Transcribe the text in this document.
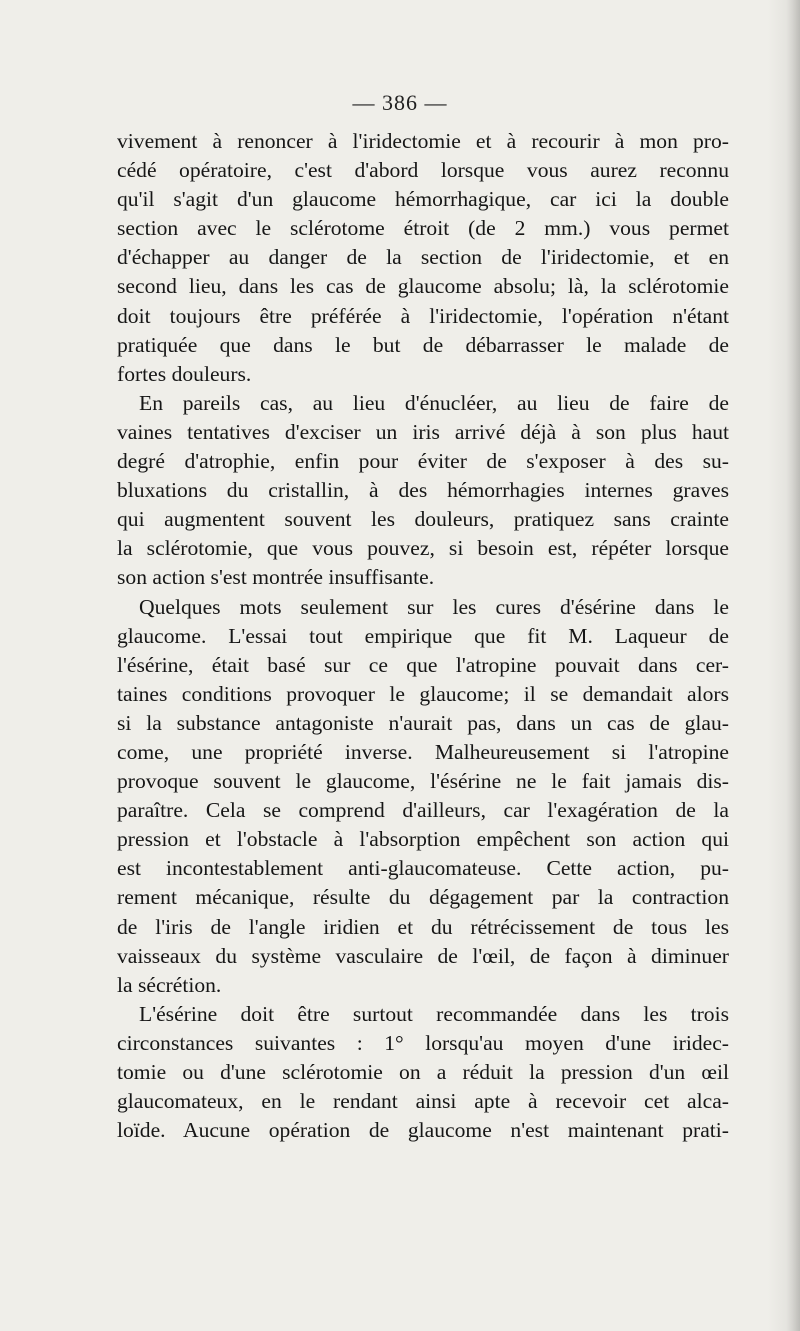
— 386 —
vivement à renoncer à l'iridectomie et à recourir à mon pro-
cédé opératoire, c'est d'abord lorsque vous aurez reconnu
qu'il s'agit d'un glaucome hémorrhagique, car ici la double
section avec le sclérotome étroit (de 2 mm.) vous permet
d'échapper au danger de la section de l'iridectomie, et en
second lieu, dans les cas de glaucome absolu; là, la sclérotomie
doit toujours être préférée à l'iridectomie, l'opération n'étant
pratiquée que dans le but de débarrasser le malade de
fortes douleurs.
En pareils cas, au lieu d'énucléer, au lieu de faire de
vaines tentatives d'exciser un iris arrivé déjà à son plus haut
degré d'atrophie, enfin pour éviter de s'exposer à des su-
bluxations du cristallin, à des hémorrhagies internes graves
qui augmentent souvent les douleurs, pratiquez sans crainte
la sclérotomie, que vous pouvez, si besoin est, répéter lorsque
son action s'est montrée insuffisante.
Quelques mots seulement sur les cures d'ésérine dans le
glaucome. L'essai tout empirique que fit M. Laqueur de
l'ésérine, était basé sur ce que l'atropine pouvait dans cer-
taines conditions provoquer le glaucome; il se demandait alors
si la substance antagoniste n'aurait pas, dans un cas de glau-
come, une propriété inverse. Malheureusement si l'atropine
provoque souvent le glaucome, l'ésérine ne le fait jamais dis-
paraître. Cela se comprend d'ailleurs, car l'exagération de la
pression et l'obstacle à l'absorption empêchent son action qui
est incontestablement anti-glaucomateuse. Cette action, pu-
rement mécanique, résulte du dégagement par la contraction
de l'iris de l'angle iridien et du rétrécissement de tous les
vaisseaux du système vasculaire de l'œil, de façon à diminuer
la sécrétion.
L'ésérine doit être surtout recommandée dans les trois
circonstances suivantes : 1° lorsqu'au moyen d'une iridec-
tomie ou d'une sclérotomie on a réduit la pression d'un œil
glaucomateux, en le rendant ainsi apte à recevoir cet alca-
loïde. Aucune opération de glaucome n'est maintenant prati-
